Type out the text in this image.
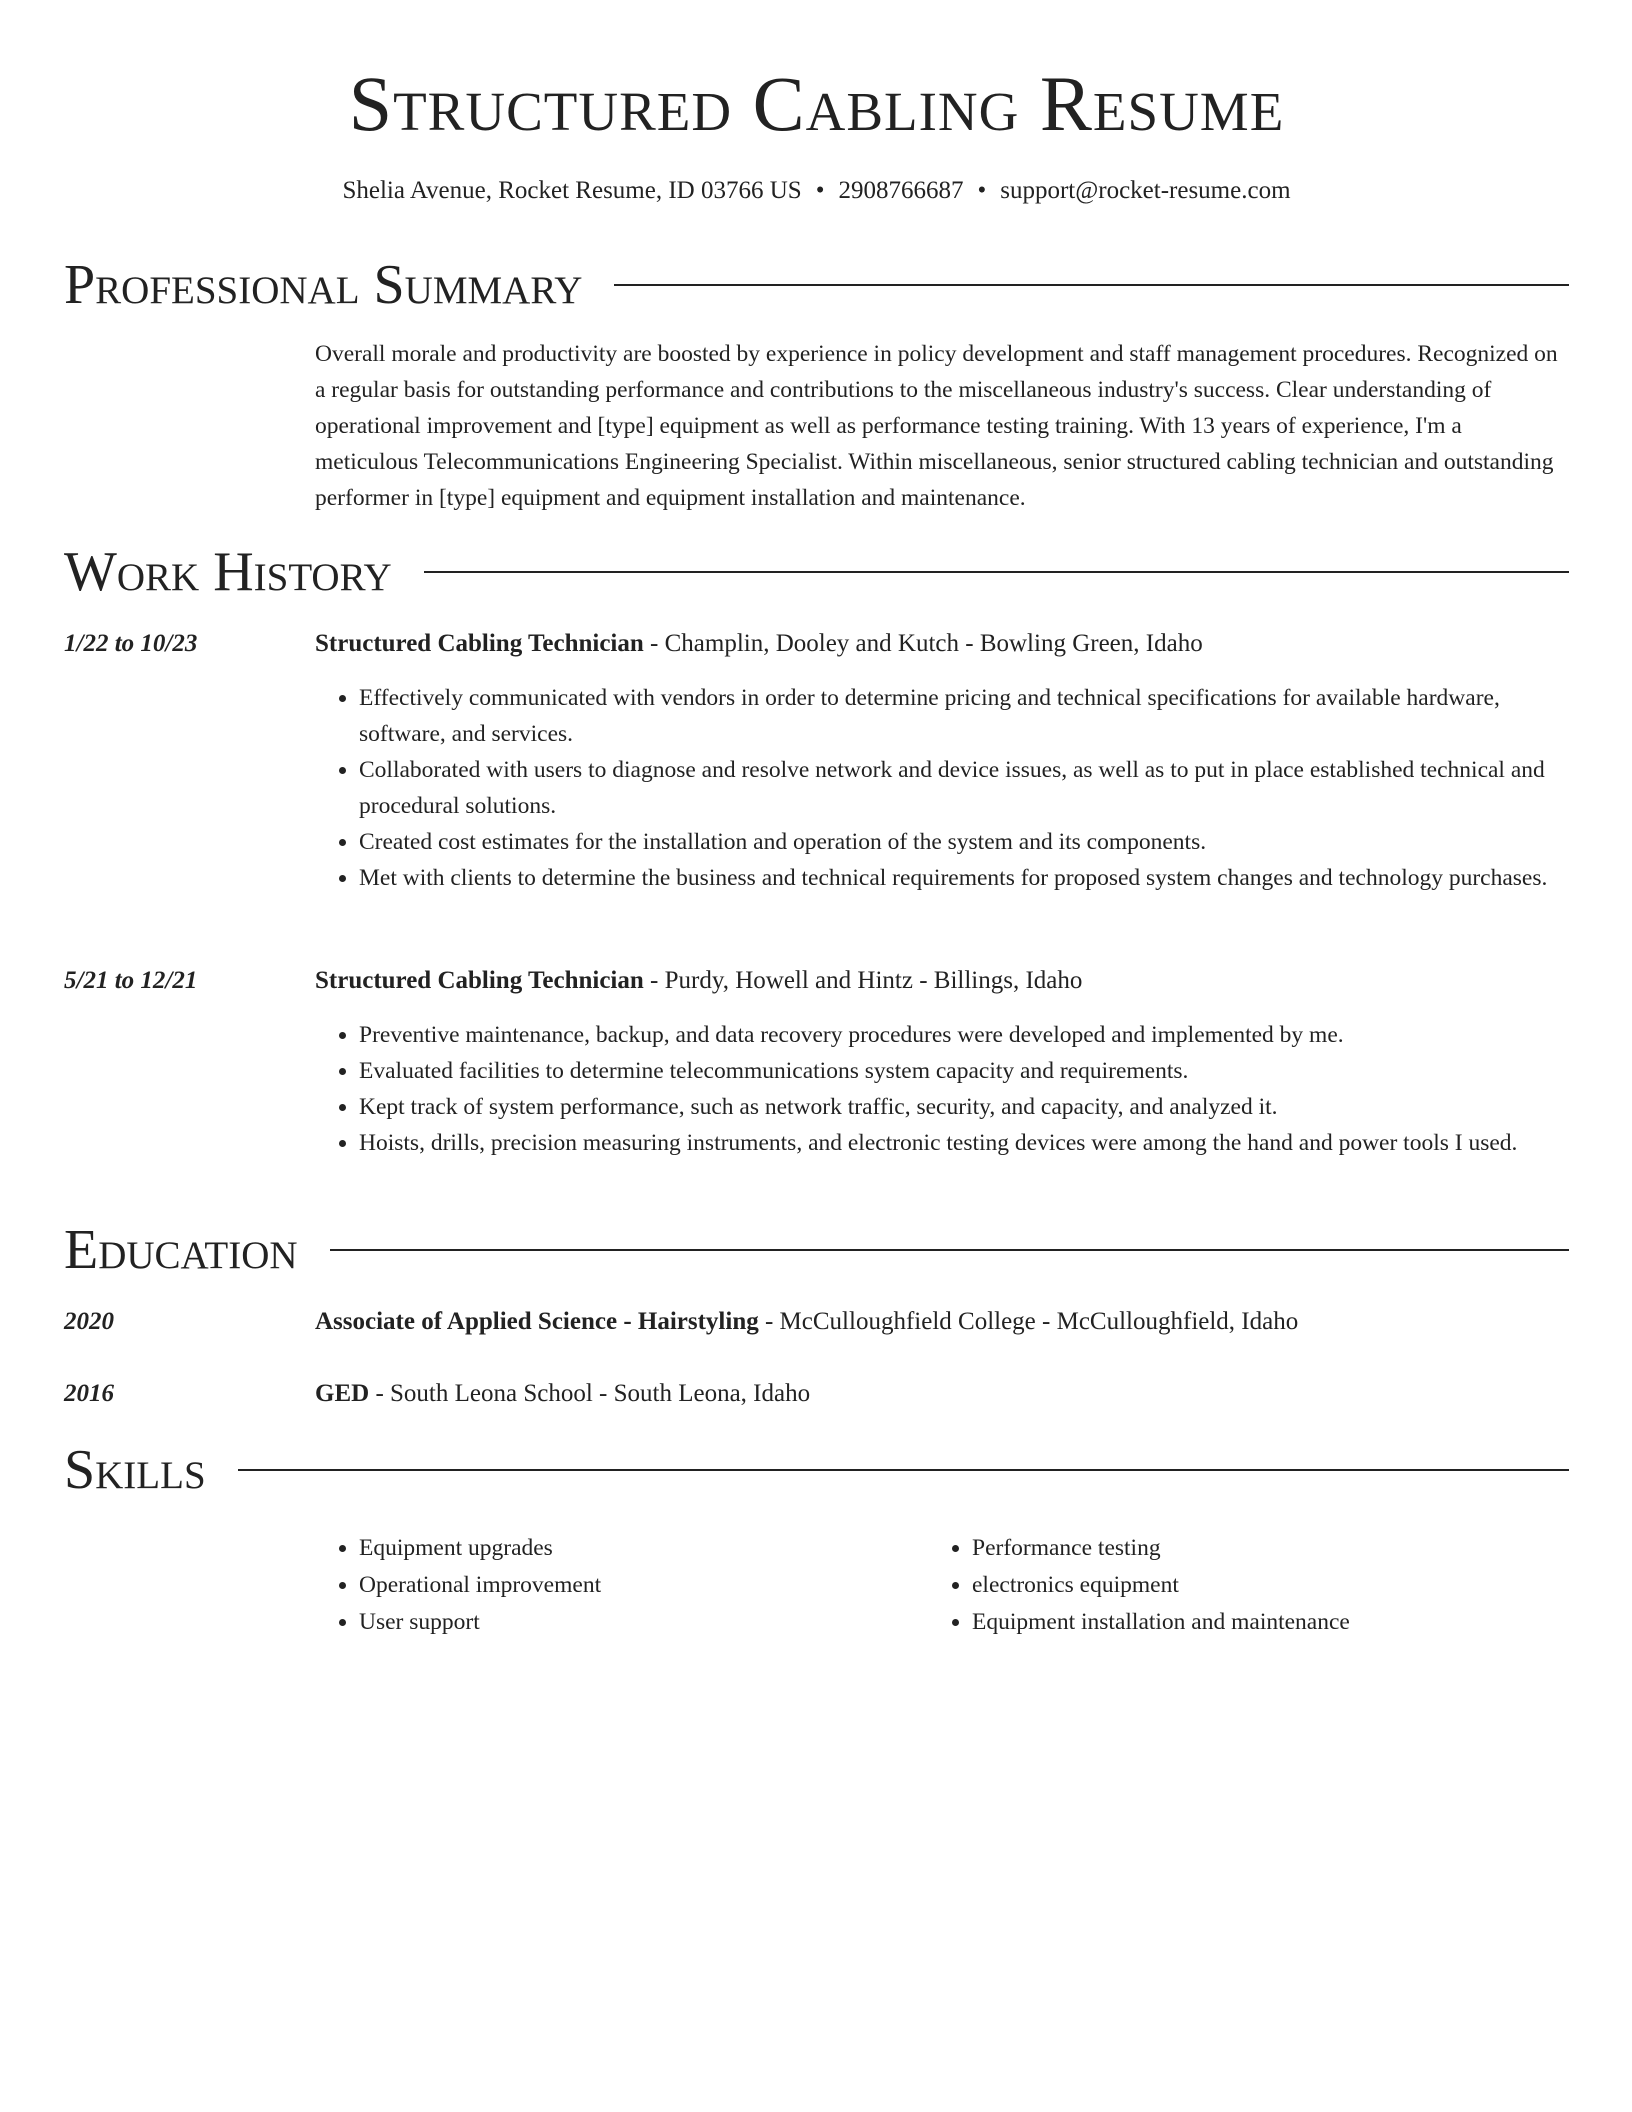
Structured Cabling Resume
Shelia Avenue, Rocket Resume, ID 03766 US • 2908766687 • support@rocket-resume.com
Professional Summary

Overall morale and productivity are boosted by experience in policy development and staff management procedures. Recognized on a regular basis for outstanding performance and contributions to the miscellaneous industry's success. Clear understanding of operational improvement and [type] equipment as well as performance testing training. With 13 years of experience, I'm a meticulous Telecommunications Engineering Specialist. Within miscellaneous, senior structured cabling technician and outstanding performer in [type] equipment and equipment installation and maintenance.

Work History
1/22 to 10/23	Structured Cabling Technician - Champlin, Dooley and Kutch - Bowling Green, Idaho
• Effectively communicated with vendors in order to determine pricing and technical specifications for available hardware, software, and services.
• Collaborated with users to diagnose and resolve network and device issues, as well as to put in place established technical and procedural solutions.
• Created cost estimates for the installation and operation of the system and its components.
• Met with clients to determine the business and technical requirements for proposed system changes and technology purchases.
5/21 to 12/21	Structured Cabling Technician - Purdy, Howell and Hintz - Billings, Idaho
• Preventive maintenance, backup, and data recovery procedures were developed and implemented by me.
• Evaluated facilities to determine telecommunications system capacity and requirements.
• Kept track of system performance, such as network traffic, security, and capacity, and analyzed it.
• Hoists, drills, precision measuring instruments, and electronic testing devices were among the hand and power tools I used.
Education
2020	Associate of Applied Science - Hairstyling - McCulloughfield College - McCulloughfield, Idaho
2016	GED - South Leona School - South Leona, Idaho
Skills
• Equipment upgrades
• Operational improvement
• User support
• Performance testing
• electronics equipment
• Equipment installation and maintenance
